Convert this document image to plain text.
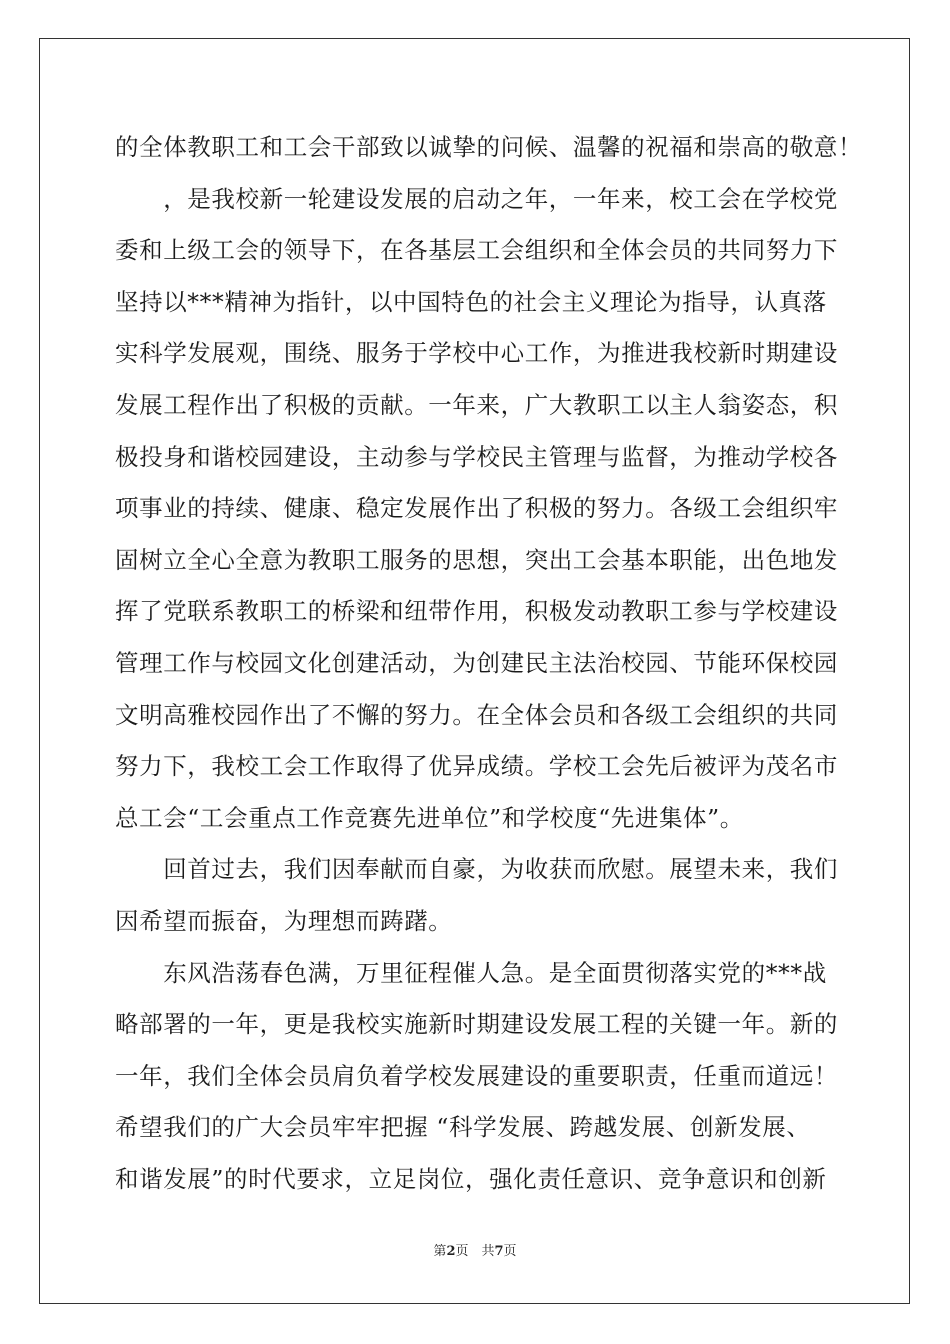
的全体教职工和工会干部致以诚挚的问候、温馨的祝福和崇高的敬意！
　　，是我校新一轮建设发展的启动之年，一年来，校工会在学校党
委和上级工会的领导下，在各基层工会组织和全体会员的共同努力下
坚持以***精神为指针，以中国特色的社会主义理论为指导，认真落
实科学发展观，围绕、服务于学校中心工作，为推进我校新时期建设
发展工程作出了积极的贡献。一年来，广大教职工以主人翁姿态，积
极投身和谐校园建设，主动参与学校民主管理与监督，为推动学校各
项事业的持续、健康、稳定发展作出了积极的努力。各级工会组织牢
固树立全心全意为教职工服务的思想，突出工会基本职能，出色地发
挥了党联系教职工的桥梁和纽带作用，积极发动教职工参与学校建设
管理工作与校园文化创建活动，为创建民主法治校园、节能环保校园
文明高雅校园作出了不懈的努力。在全体会员和各级工会组织的共同
努力下，我校工会工作取得了优异成绩。学校工会先后被评为茂名市
总工会“工会重点工作竞赛先进单位”和学校度“先进集体”。
　　回首过去，我们因奉献而自豪，为收获而欣慰。展望未来，我们
因希望而振奋，为理想而踌躇。
　　东风浩荡春色满，万里征程催人急。是全面贯彻落实党的***战
略部署的一年，更是我校实施新时期建设发展工程的关键一年。新的
一年，我们全体会员肩负着学校发展建设的重要职责，任重而道远！
希望我们的广大会员牢牢把握 “科学发展、跨越发展、创新发展、
和谐发展”的时代要求，立足岗位，强化责任意识、竞争意识和创新
第2页　共7页
